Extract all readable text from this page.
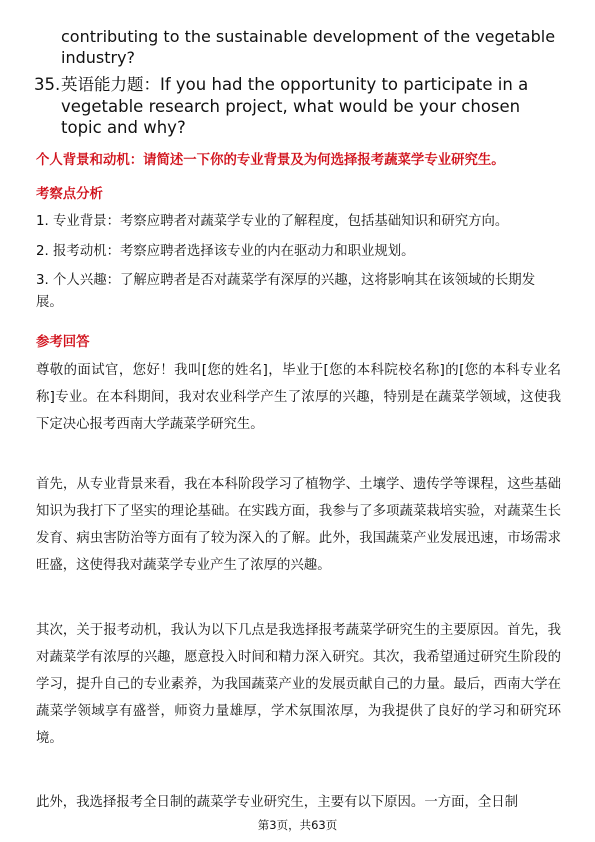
contributing to the sustainable development of the vegetable industry?

35. 英语能力题：If you had the opportunity to participate in a vegetable research project, what would be your chosen topic and why?

个人背景和动机：请简述一下你的专业背景及为何选择报考蔬菜学专业研究生。

考察点分析

1. 专业背景：考察应聘者对蔬菜学专业的了解程度，包括基础知识和研究方向。

2. 报考动机：考察应聘者选择该专业的内在驱动力和职业规划。

3. 个人兴趣：了解应聘者是否对蔬菜学有深厚的兴趣，这将影响其在该领域的长期发展。

参考回答

尊敬的面试官，您好！我叫[您的姓名]，毕业于[您的本科院校名称]的[您的本科专业名称]专业。在本科期间，我对农业科学产生了浓厚的兴趣，特别是在蔬菜学领域，这使我下定决心报考西南大学蔬菜学研究生。

首先，从专业背景来看，我在本科阶段学习了植物学、土壤学、遗传学等课程，这些基础知识为我打下了坚实的理论基础。在实践方面，我参与了多项蔬菜栽培实验，对蔬菜生长发育、病虫害防治等方面有了较为深入的了解。此外，我国蔬菜产业发展迅速，市场需求旺盛，这使得我对蔬菜学专业产生了浓厚的兴趣。

其次，关于报考动机，我认为以下几点是我选择报考蔬菜学研究生的主要原因。首先，我对蔬菜学有浓厚的兴趣，愿意投入时间和精力深入研究。其次，我希望通过研究生阶段的学习，提升自己的专业素养，为我国蔬菜产业的发展贡献自己的力量。最后，西南大学在蔬菜学领域享有盛誉，师资力量雄厚，学术氛围浓厚，为我提供了良好的学习和研究环境。

此外，我选择报考全日制的蔬菜学专业研究生，主要有以下原因。一方面，全日制

第3页，共63页
